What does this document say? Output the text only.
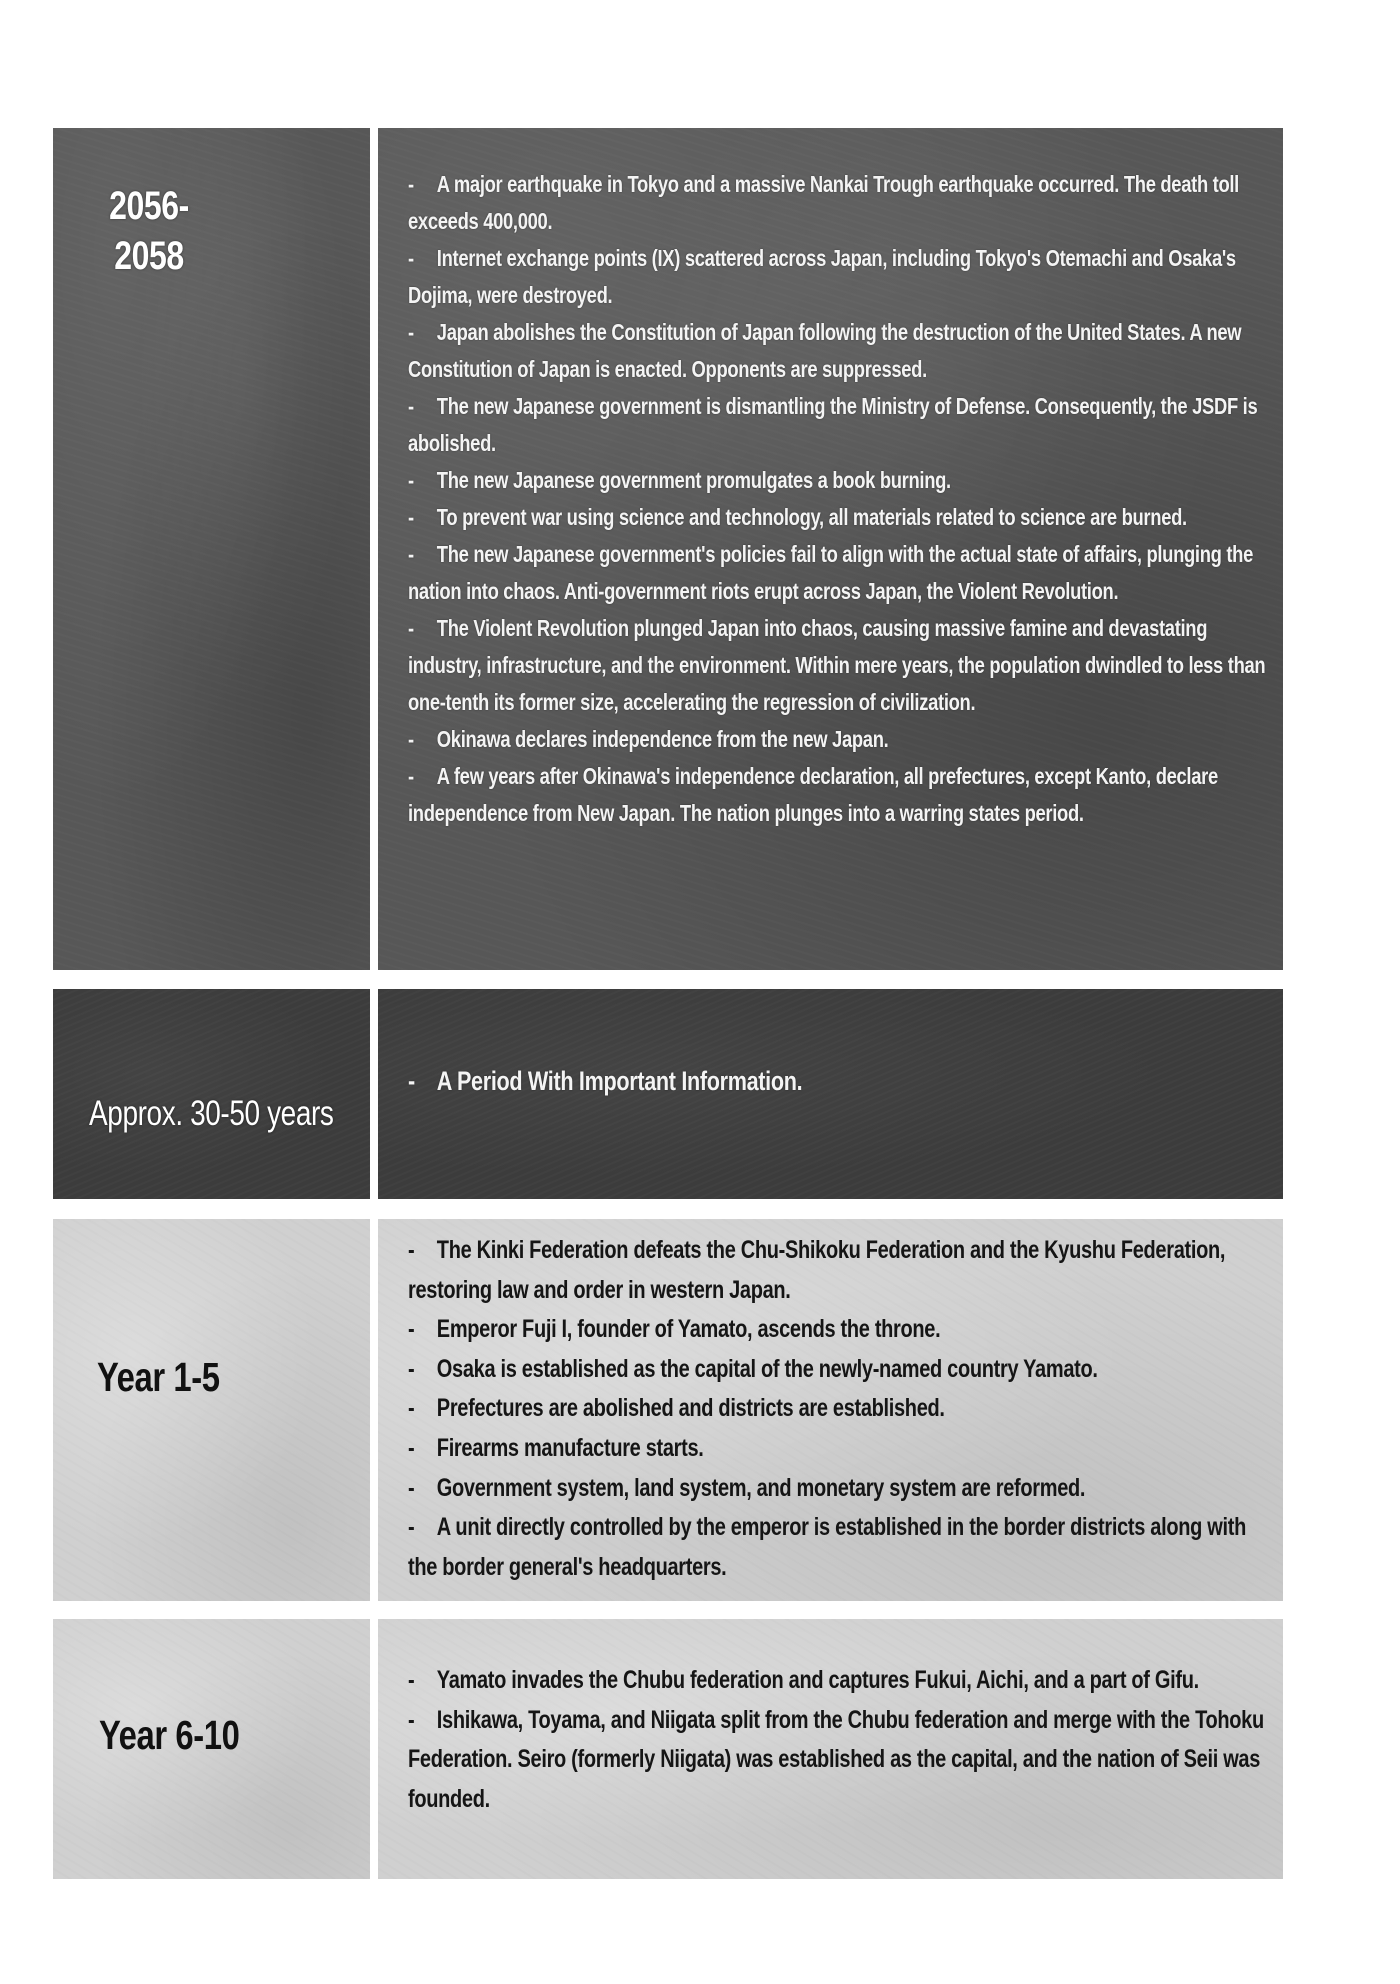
2056-
2058
- A major earthquake in Tokyo and a massive Nankai Trough earthquake occurred. The death toll exceeds 400,000.
- Internet exchange points (IX) scattered across Japan, including Tokyo's Otemachi and Osaka's Dojima, were destroyed.
- Japan abolishes the Constitution of Japan following the destruction of the United States. A new Constitution of Japan is enacted. Opponents are suppressed.
- The new Japanese government is dismantling the Ministry of Defense. Consequently, the JSDF is abolished.
- The new Japanese government promulgates a book burning.
- To prevent war using science and technology, all materials related to science are burned.
- The new Japanese government's policies fail to align with the actual state of affairs, plunging the nation into chaos. Anti-government riots erupt across Japan, the Violent Revolution.
- The Violent Revolution plunged Japan into chaos, causing massive famine and devastating industry, infrastructure, and the environment. Within mere years, the population dwindled to less than one-tenth its former size, accelerating the regression of civilization.
- Okinawa declares independence from the new Japan.
- A few years after Okinawa's independence declaration, all prefectures, except Kanto, declare independence from New Japan. The nation plunges into a warring states period.
Approx. 30-50 years
- A Period With Important Information.
Year 1-5
- The Kinki Federation defeats the Chu-Shikoku Federation and the Kyushu Federation, restoring law and order in western Japan.
- Emperor Fuji I, founder of Yamato, ascends the throne.
- Osaka is established as the capital of the newly-named country Yamato.
- Prefectures are abolished and districts are established.
- Firearms manufacture starts.
- Government system, land system, and monetary system are reformed.
- A unit directly controlled by the emperor is established in the border districts along with the border general's headquarters.
Year 6-10
- Yamato invades the Chubu federation and captures Fukui, Aichi, and a part of Gifu.
- Ishikawa, Toyama, and Niigata split from the Chubu federation and merge with the Tohoku Federation. Seiro (formerly Niigata) was established as the capital, and the nation of Seii was founded.
